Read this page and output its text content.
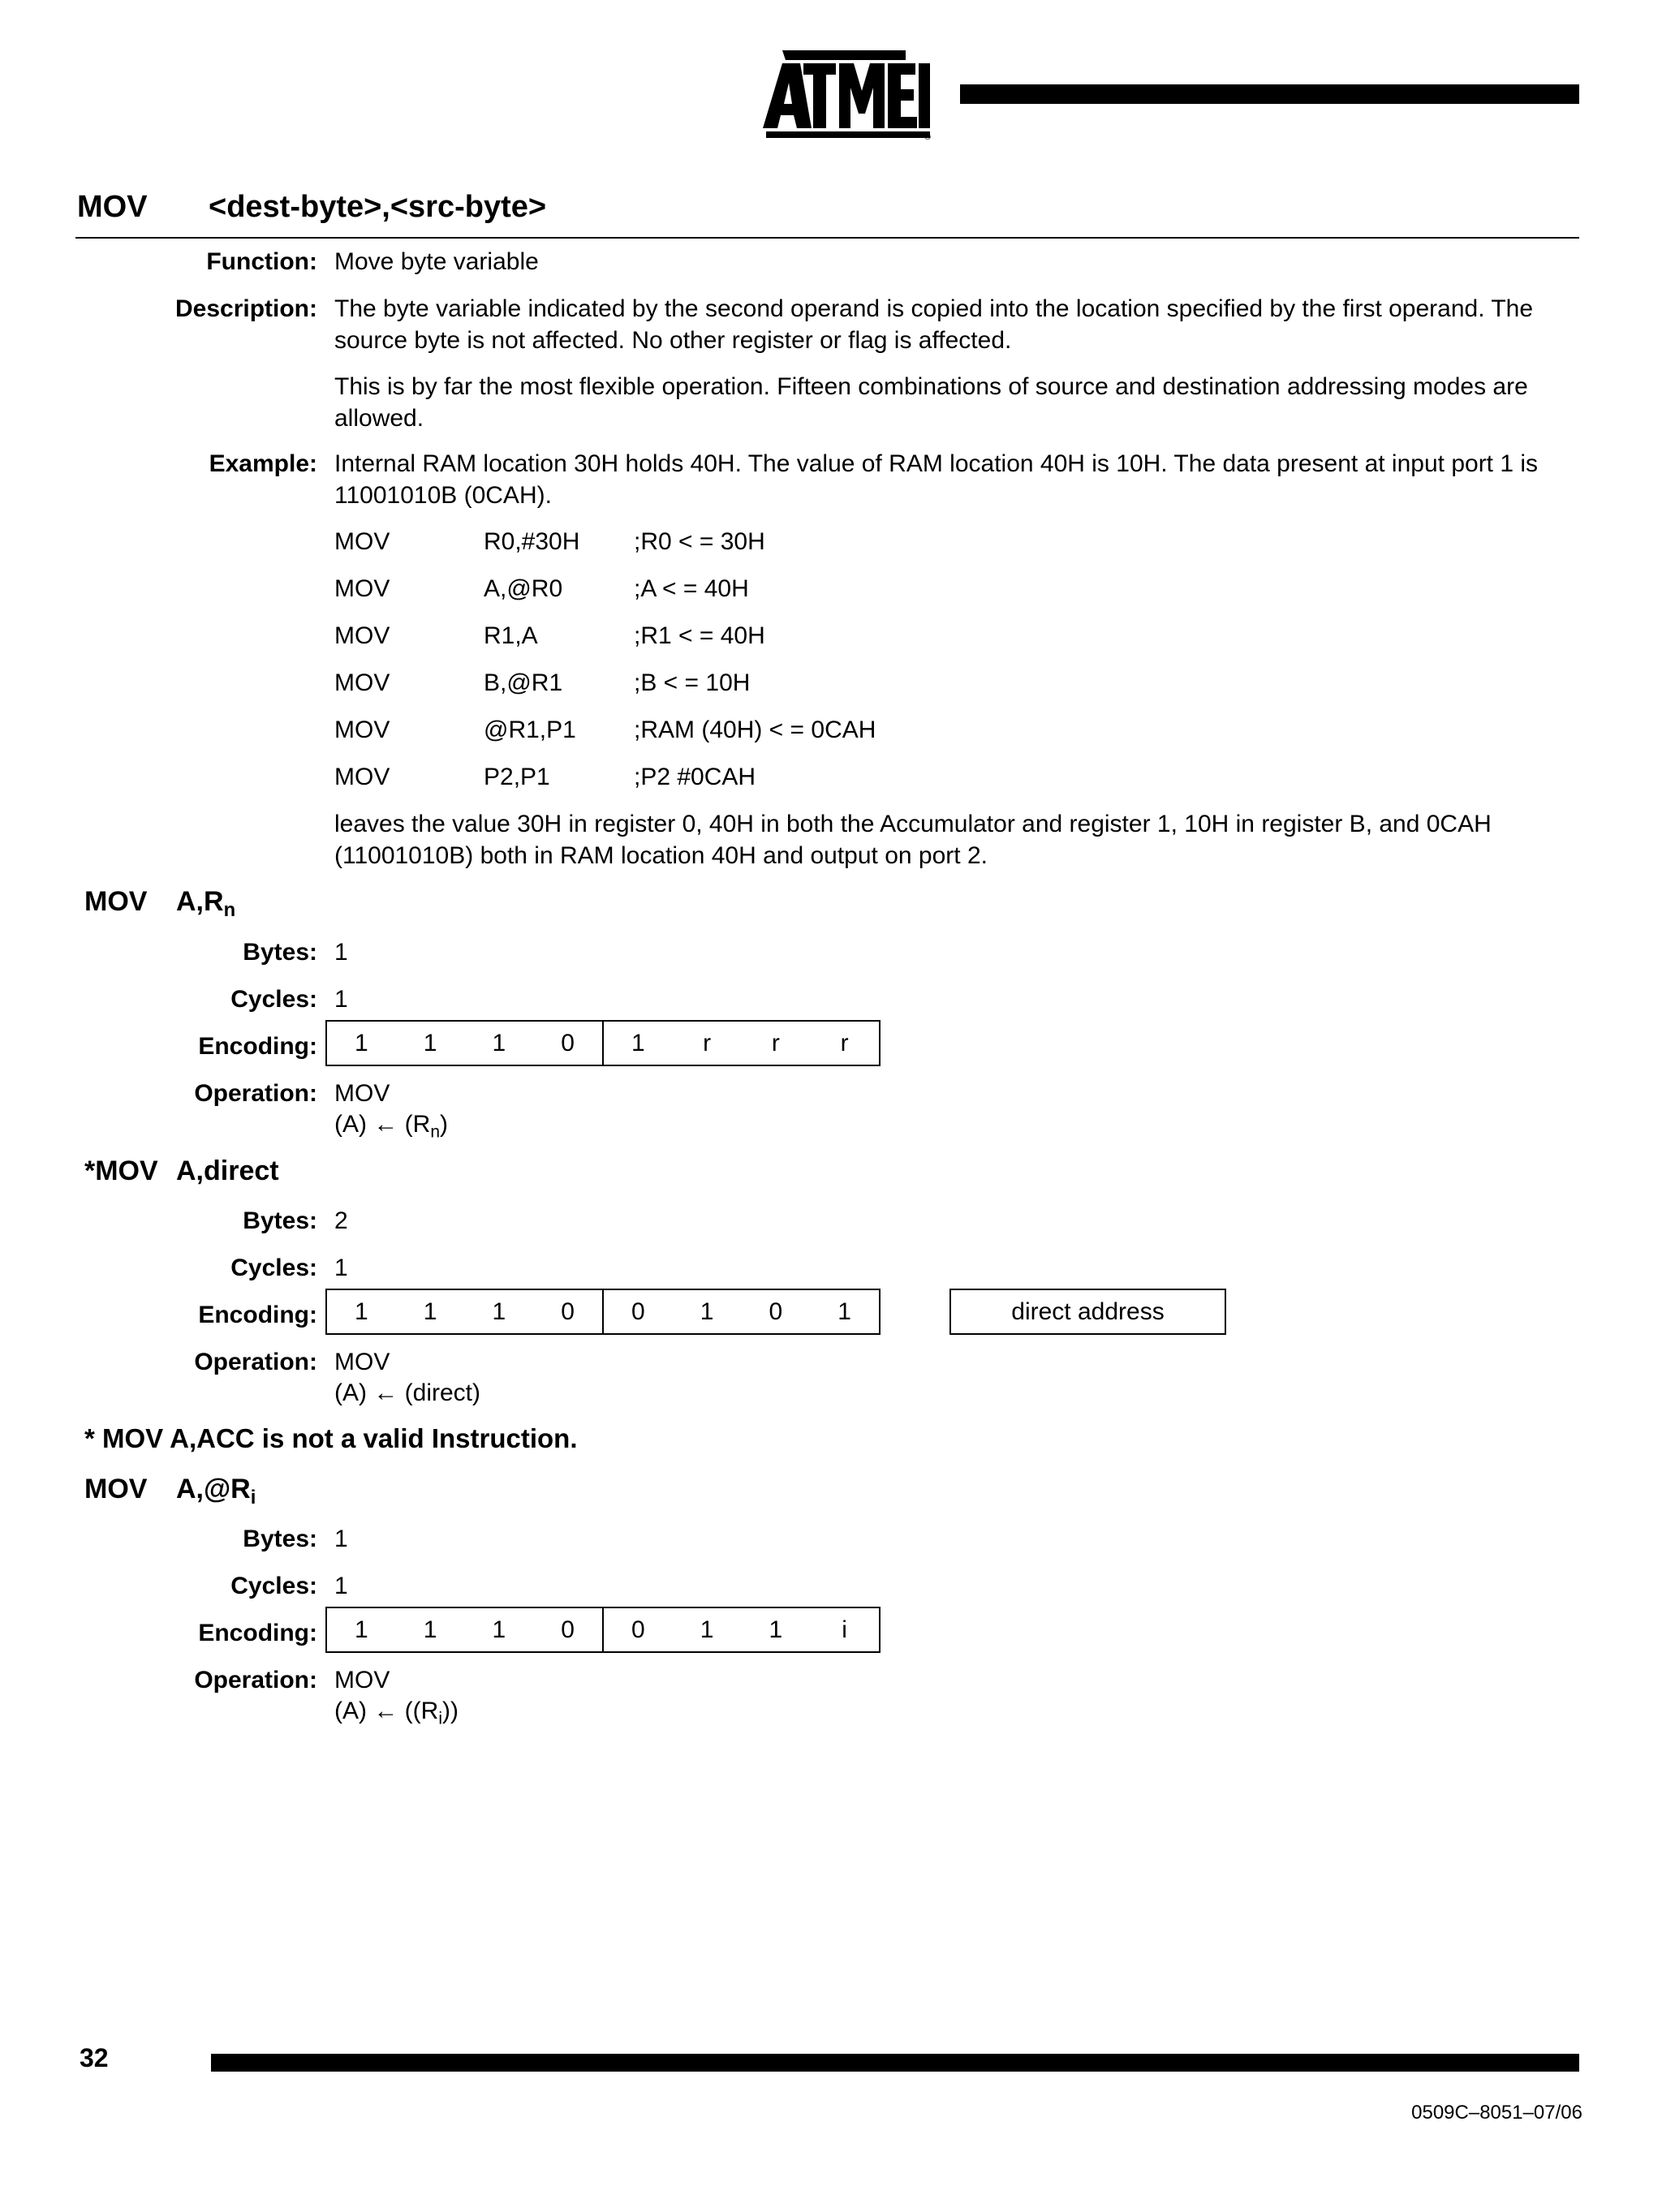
®
MOV <dest-byte>,<src-byte>
Function: Move byte variable
Description: The byte variable indicated by the second operand is copied into the location specified by the first operand. The source byte is not affected. No other register or flag is affected.
This is by far the most flexible operation. Fifteen combinations of source and destination addressing modes are allowed.
Example: Internal RAM location 30H holds 40H. The value of RAM location 40H is 10H. The data present at input port 1 is 11001010B (0CAH).
MOV	R0,#30H ;R0 < = 30H
MOV	A,@R0	;A < = 40H
MOV	R1,A	;R1 < = 40H
MOV	B,@R1	;B < = 10H
MOV	@R1,P1 ;RAM (40H) < = 0CAH
MOV	P2,P1	;P2 #0CAH
leaves the value 30H in register 0, 40H in both the Accumulator and register 1, 10H in register B, and 0CAH (11001010B) both in RAM location 40H and output on port 2.
MOV $A,R_n$
Bytes: 1
Cycles: 1
Encoding:	1	1	1	0	1	r	r	r
Operation: MOV
(A) ← $(R_n)$
*MOV A,direct
Bytes: 2
Cycles: 1
Encoding:	1	1	1	0	0	1	0	1	direct address
Operation: MOV
(A) ← (direct)
* MOV A,ACC is not a valid Instruction.
MOV $A,@R_i$
Bytes: 1
Cycles: 1
Encoding:	1	1	1	0	0	1	1	i
Operation: MOV
(A) ← $((R_i))$
32
0509C–8051–07/06
